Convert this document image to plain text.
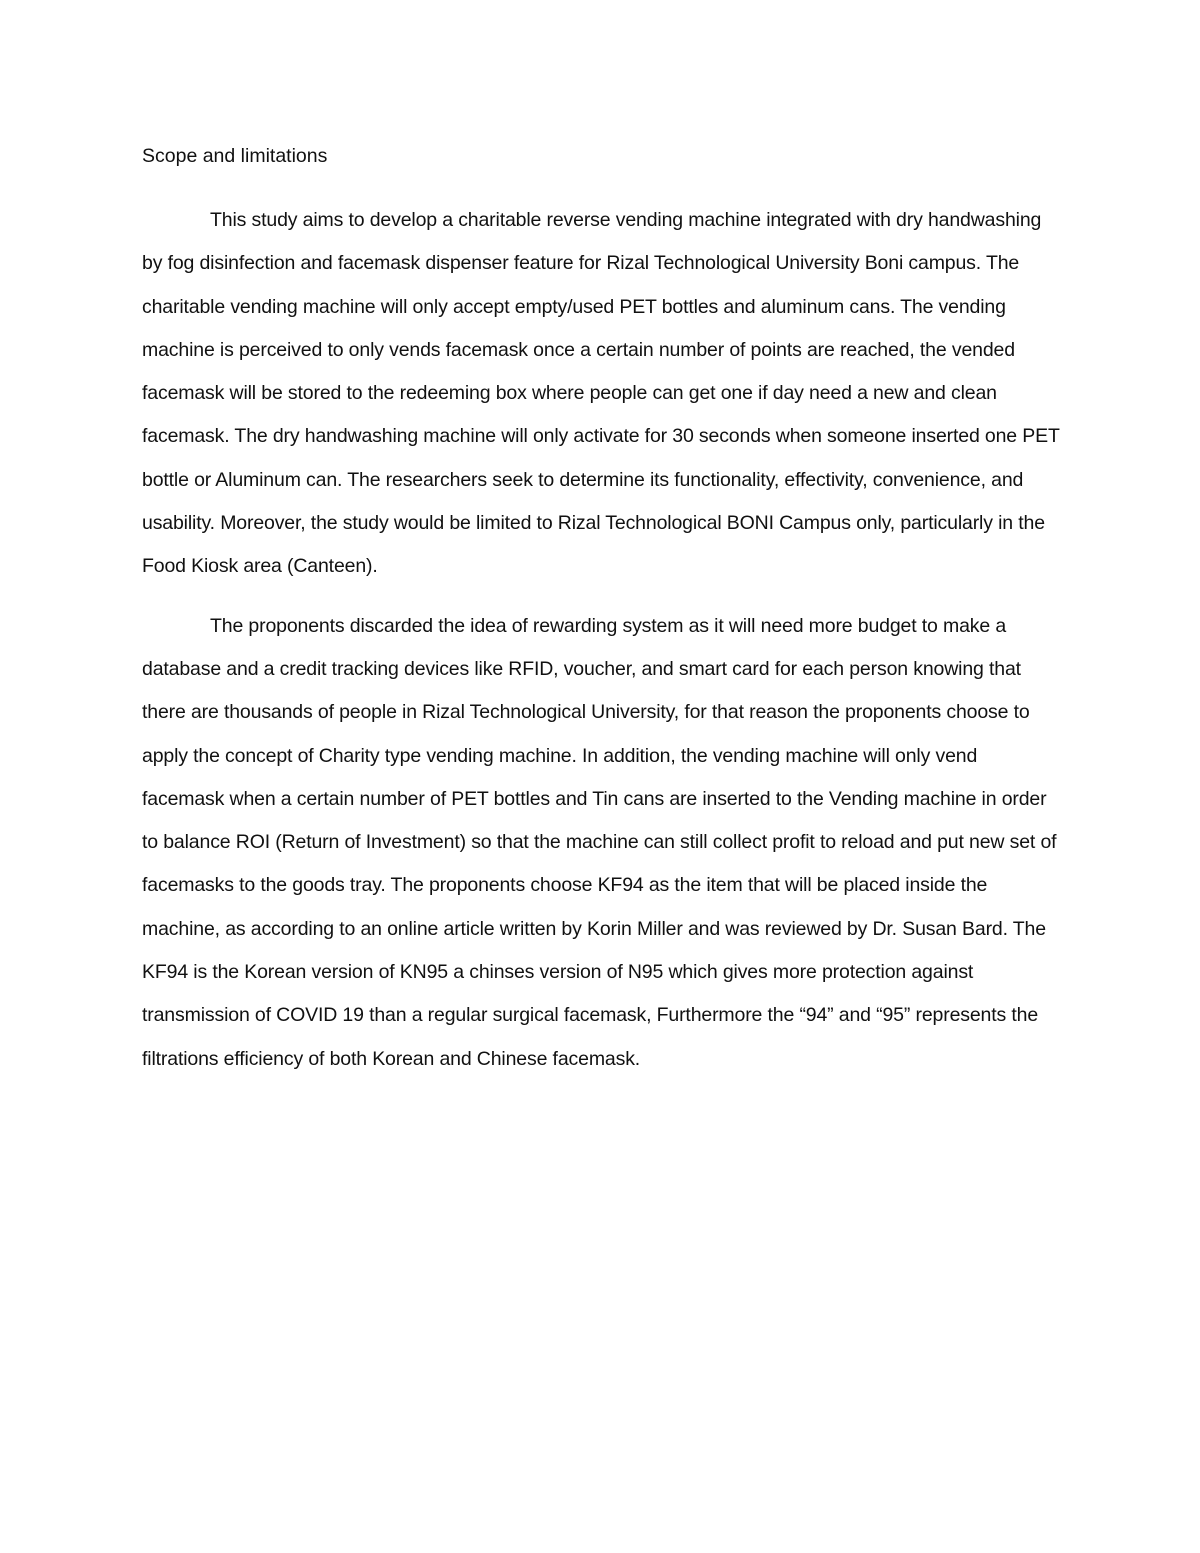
Scope and limitations

This study aims to develop a charitable reverse vending machine integrated with dry handwashing by fog disinfection and facemask dispenser feature for Rizal Technological University Boni campus. The charitable vending machine will only accept empty/used PET bottles and aluminum cans. The vending machine is perceived to only vends facemask once a certain number of points are reached, the vended facemask will be stored to the redeeming box where people can get one if day need a new and clean facemask. The dry handwashing machine will only activate for 30 seconds when someone inserted one PET bottle or Aluminum can. The researchers seek to determine its functionality, effectivity, convenience, and usability. Moreover, the study would be limited to Rizal Technological BONI Campus only, particularly in the Food Kiosk area (Canteen).

The proponents discarded the idea of rewarding system as it will need more budget to make a database and a credit tracking devices like RFID, voucher, and smart card for each person knowing that there are thousands of people in Rizal Technological University, for that reason the proponents choose to apply the concept of Charity type vending machine. In addition, the vending machine will only vend facemask when a certain number of PET bottles and Tin cans are inserted to the Vending machine in order to balance ROI (Return of Investment) so that the machine can still collect profit to reload and put new set of facemasks to the goods tray. The proponents choose KF94 as the item that will be placed inside the machine, as according to an online article written by Korin Miller and was reviewed by Dr. Susan Bard. The KF94 is the Korean version of KN95 a chinses version of N95 which gives more protection against transmission of COVID 19 than a regular surgical facemask, Furthermore the “94” and “95” represents the filtrations efficiency of both Korean and Chinese facemask.
